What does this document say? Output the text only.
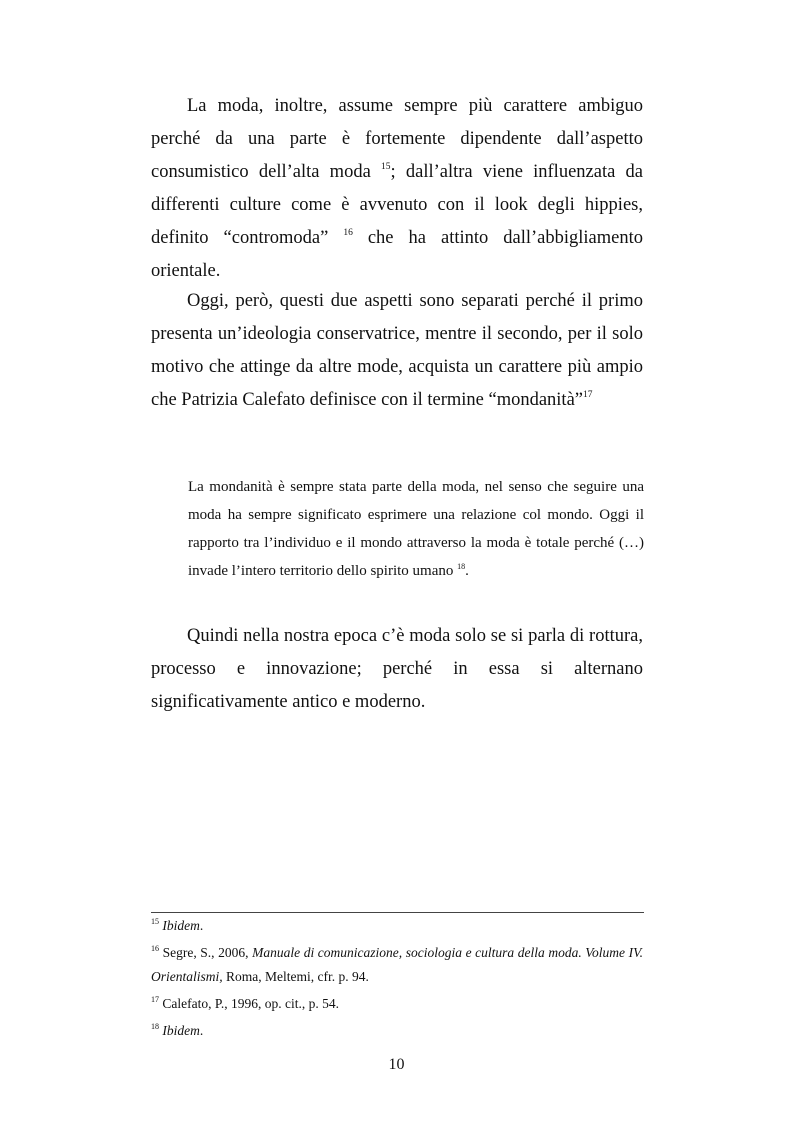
La moda, inoltre, assume sempre più carattere ambiguo perché da una parte è fortemente dipendente dall’aspetto consumistico dell’alta moda $^{15}$; dall’altra viene influenzata da differenti culture come è avvenuto con il look degli hippies, definito “contromoda” $^{16}$ che ha attinto dall’abbigliamento orientale.

Oggi, però, questi due aspetti sono separati perché il primo presenta un’ideologia conservatrice, mentre il secondo, per il solo motivo che attinge da altre mode, acquista un carattere più ampio che Patrizia Calefato definisce con il termine “mondanità”$^{17}$

La mondanità è sempre stata parte della moda, nel senso che seguire una moda ha sempre significato esprimere una relazione col mondo. Oggi il rapporto tra l’individuo e il mondo attraverso la moda è totale perché (…) invade l’intero territorio dello spirito umano $^{18}$.

Quindi nella nostra epoca c’è moda solo se si parla di rottura, processo e innovazione; perché in essa si alternano significativamente antico e moderno.

$^{15}$ Ibidem.

$^{16}$ Segre, S., 2006, Manuale di comunicazione, sociologia e cultura della moda. Volume IV. Orientalismi, Roma, Meltemi, cfr. p. 94.

$^{17}$ Calefato, P., 1996, op. cit., p. 54.

$^{18}$ Ibidem.

10
